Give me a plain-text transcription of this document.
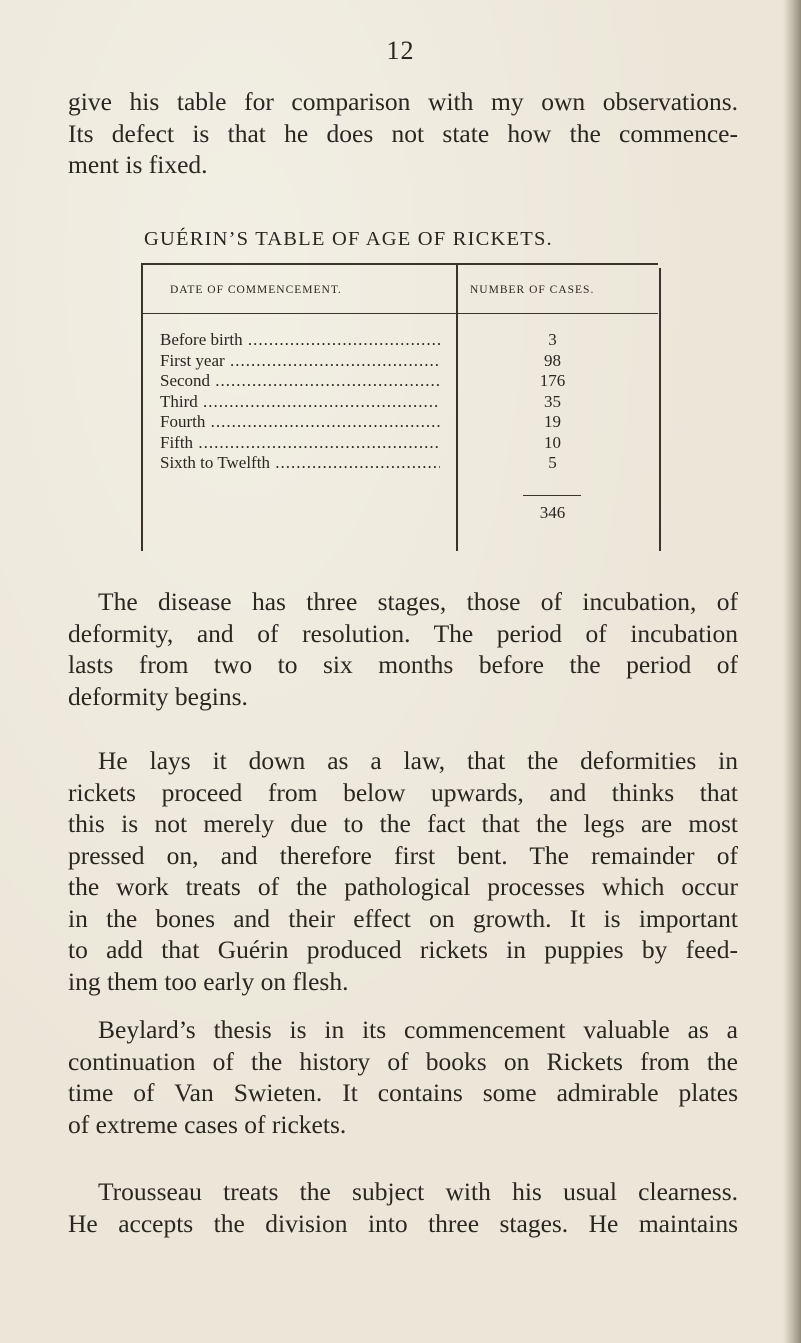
12
give his table for comparison with my own observations.
Its defect is that he does not state how the commence-
ment is fixed.
GUÉRIN’S TABLE OF AGE OF RICKETS.
DATE OF COMMENCEMENT.	NUMBER OF CASES.
Before birth .....	3
First year .....	98
Second .....	176
Third .....	35
Fourth .....	19
Fifth .....	10
Sixth to Twelfth .....	5
346
The disease has three stages, those of incubation, of
deformity, and of resolution. The period of incubation
lasts from two to six months before the period of
deformity begins.
He lays it down as a law, that the deformities in
rickets proceed from below upwards, and thinks that
this is not merely due to the fact that the legs are most
pressed on, and therefore first bent. The remainder of
the work treats of the pathological processes which occur
in the bones and their effect on growth. It is important
to add that Guérin produced rickets in puppies by feed-
ing them too early on flesh.
Beylard’s thesis is in its commencement valuable as a
continuation of the history of books on Rickets from the
time of Van Swieten. It contains some admirable plates
of extreme cases of rickets.
Trousseau treats the subject with his usual clearness.
He accepts the division into three stages. He maintains
